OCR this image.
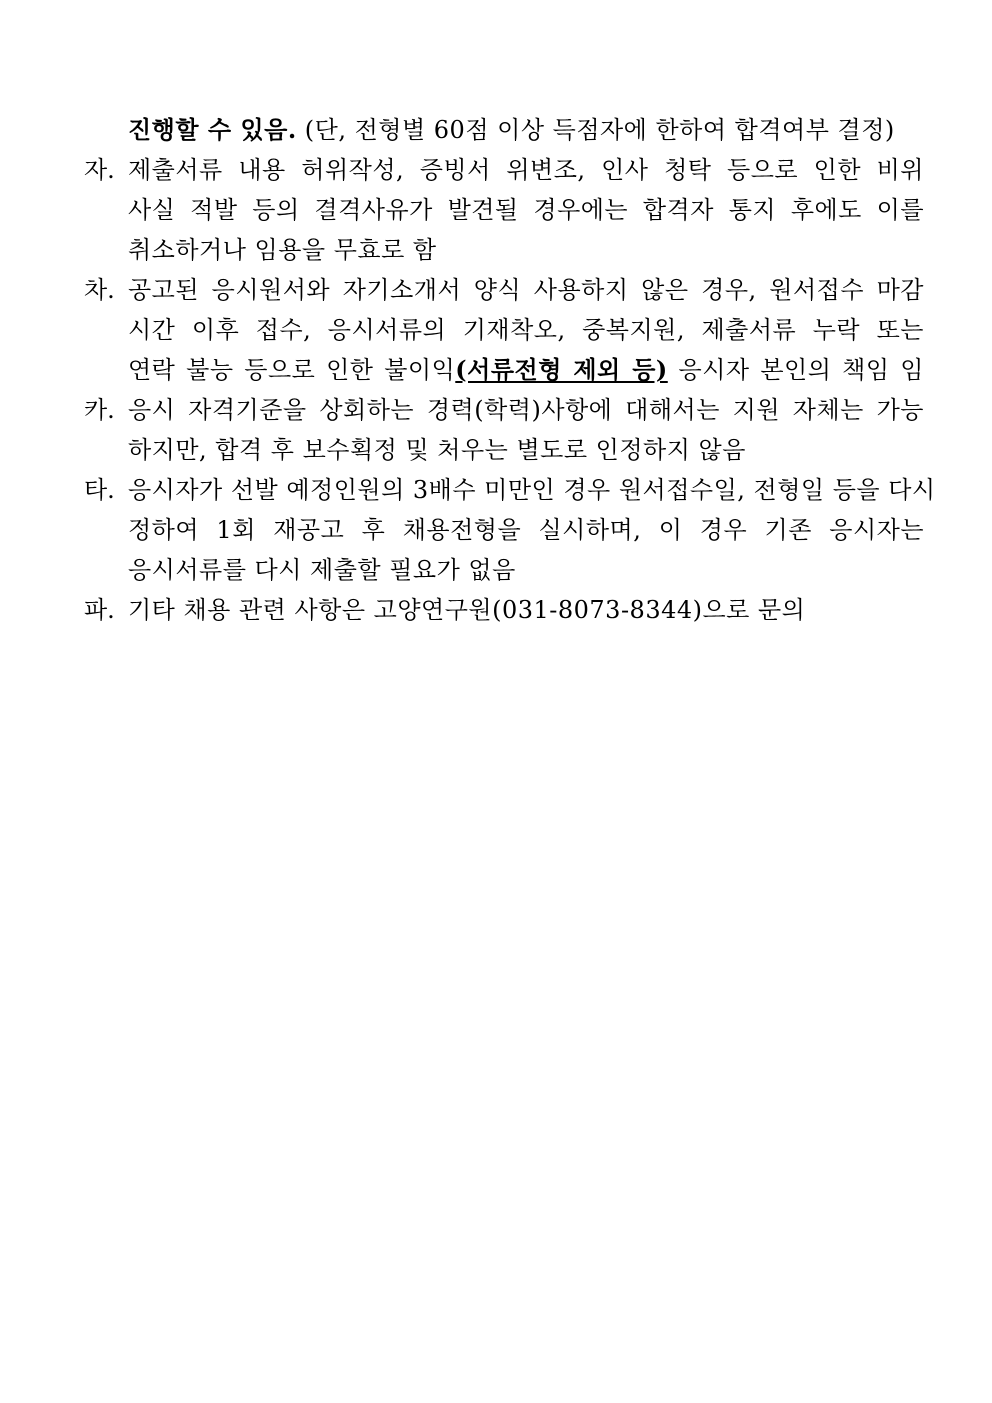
진행할 수 있음. (단, 전형별 60점 이상 득점자에 한하여 합격여부 결정)
자. 제출서류 내용 허위작성, 증빙서 위변조, 인사 청탁 등으로 인한 비위
사실 적발 등의 결격사유가 발견될 경우에는 합격자 통지 후에도 이를
취소하거나 임용을 무효로 함
차. 공고된 응시원서와 자기소개서 양식 사용하지 않은 경우, 원서접수 마감
시간 이후 접수, 응시서류의 기재착오, 중복지원, 제출서류 누락 또는
연락 불능 등으로 인한 불이익(서류전형 제외 등) 응시자 본인의 책임 임
카. 응시 자격기준을 상회하는 경력(학력)사항에 대해서는 지원 자체는 가능
하지만, 합격 후 보수획정 및 처우는 별도로 인정하지 않음
타. 응시자가 선발 예정인원의 3배수 미만인 경우 원서접수일, 전형일 등을 다시
정하여 1회 재공고 후 채용전형을 실시하며, 이 경우 기존 응시자는
응시서류를 다시 제출할 필요가 없음
파. 기타 채용 관련 사항은 고양연구원(031-8073-8344)으로 문의
